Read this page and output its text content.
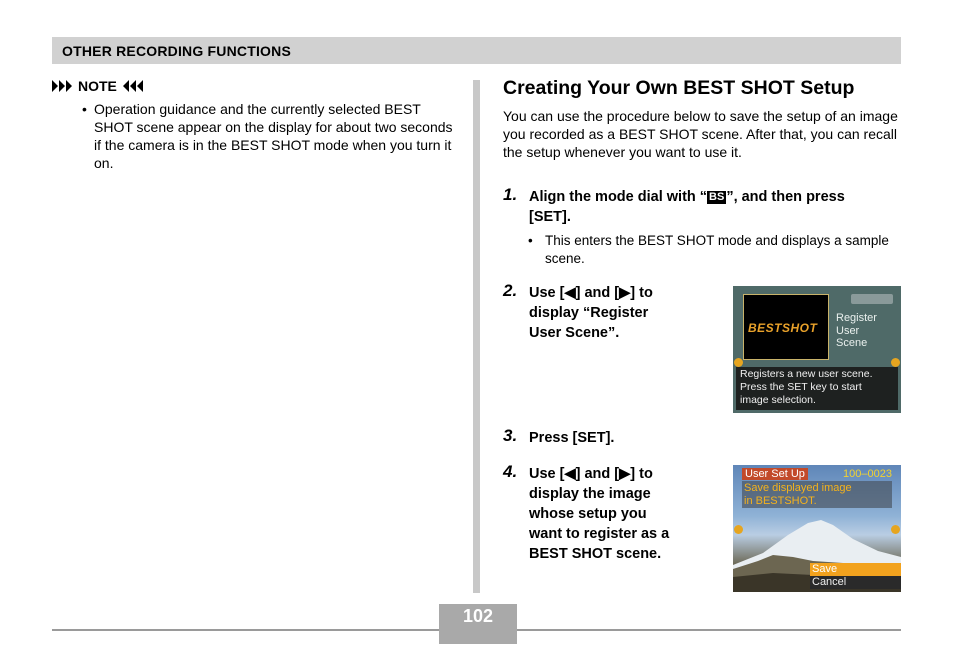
OTHER RECORDING FUNCTIONS
NOTE
• Operation guidance and the currently selected BEST SHOT scene appear on the display for about two seconds if the camera is in the BEST SHOT mode when you turn it on.
Creating Your Own BEST SHOT Setup
You can use the procedure below to save the setup of an image you recorded as a BEST SHOT scene. After that, you can recall the setup whenever you want to use it.
1. Align the mode dial with “ BS ”, and then press
[SET].
• This enters the BEST SHOT mode and displays a sample scene.
2. Use [◀] and [▶] to
display “Register
User Scene”.	BESTSHOT
Register
User
Scene
Registers a new user scene.
Press the SET key to start
image selection.
3. Press [SET].
4. Use [◀] and [▶] to
display the image
whose setup you
want to register as a
BEST SHOT scene.
User Set Up	100–0023
Save displayed image
in BESTSHOT.
Save
Cancel
102
